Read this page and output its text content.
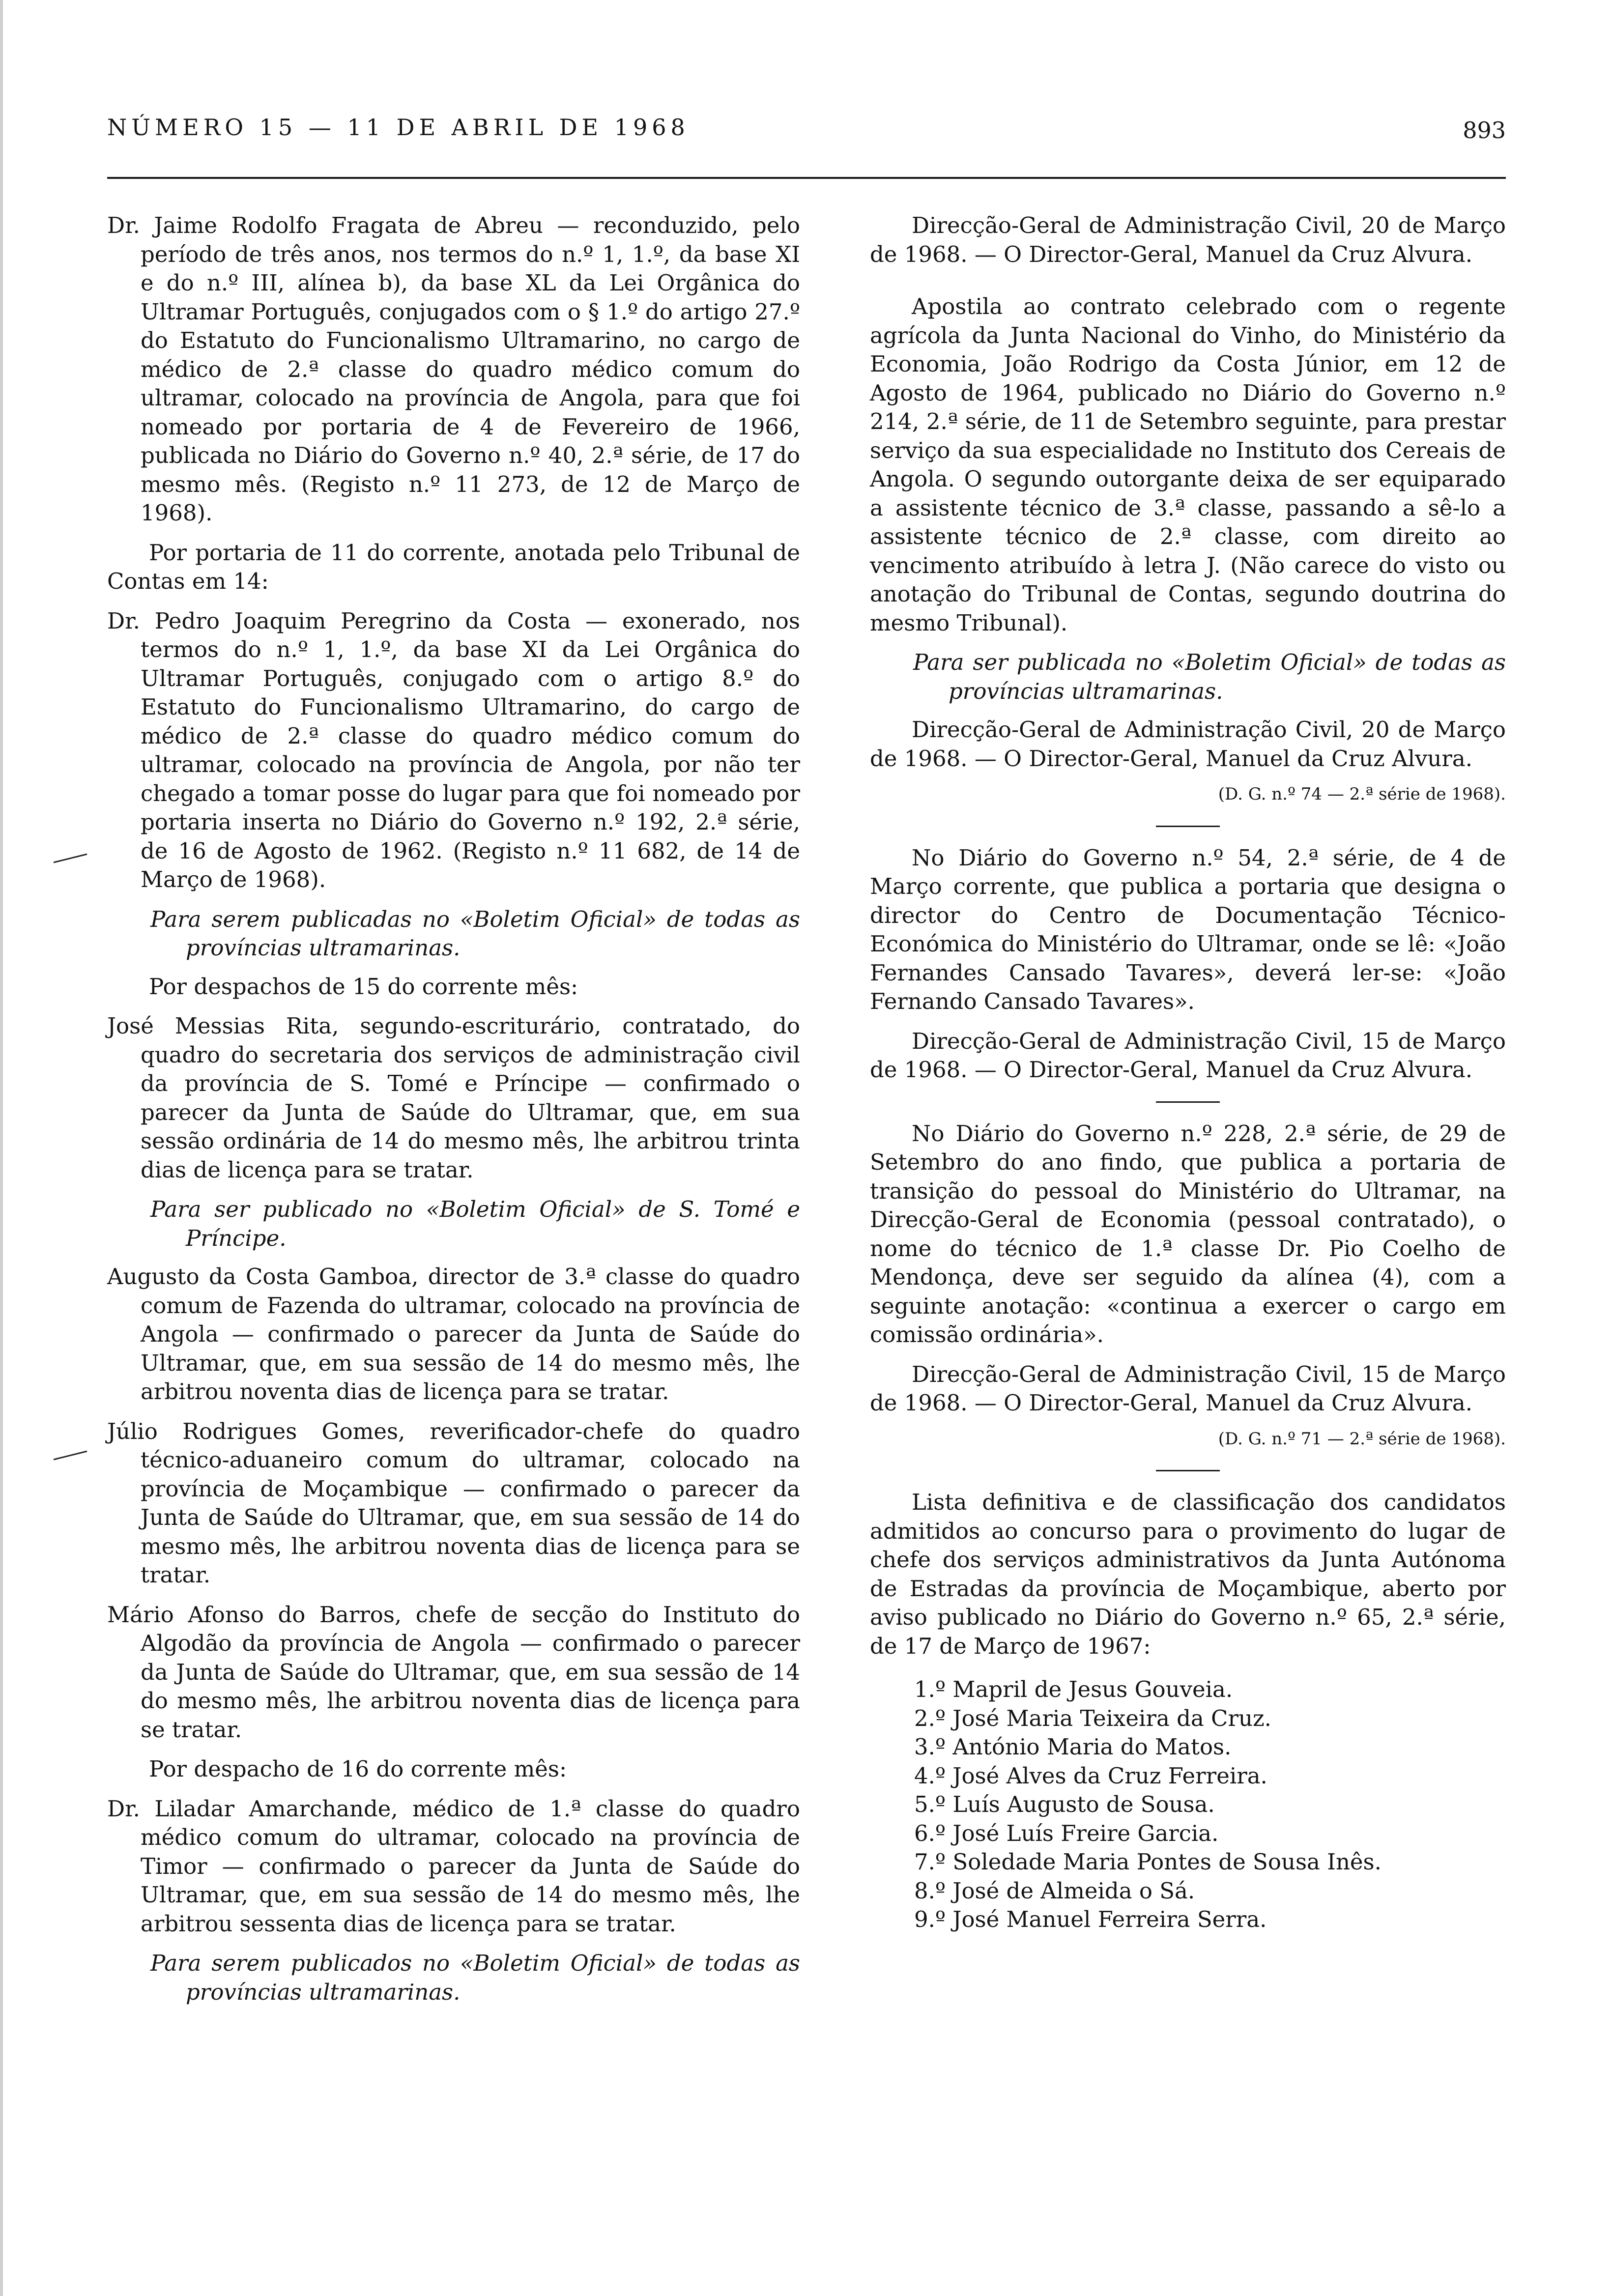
NÚMERO 15 — 11 DE ABRIL DE 1968	893

Dr. Jaime Rodolfo Fragata de Abreu — reconduzido, pelo período de três anos, nos termos do n.º 1, 1.º, da base XI e do n.º III, alínea b), da base XL da Lei Orgânica do Ultramar Português, conjugados com o § 1.º do artigo 27.º do Estatuto do Funcionalismo Ultramarino, no cargo de médico de 2.ª classe do quadro médico comum do ultramar, colocado na província de Angola, para que foi nomeado por portaria de 4 de Fevereiro de 1966, publicada no Diário do Governo n.º 40, 2.ª série, de 17 do mesmo mês. (Registo n.º 11 273, de 12 de Março de 1968).

Por portaria de 11 do corrente, anotada pelo Tribunal de Contas em 14:

Dr. Pedro Joaquim Peregrino da Costa — exonerado, nos termos do n.º 1, 1.º, da base XI da Lei Orgânica do Ultramar Português, conjugado com o artigo 8.º do Estatuto do Funcionalismo Ultramarino, do cargo de médico de 2.ª classe do quadro médico comum do ultramar, colocado na província de Angola, por não ter chegado a tomar posse do lugar para que foi nomeado por portaria inserta no Diário do Governo n.º 192, 2.ª série, de 16 de Agosto de 1962. (Registo n.º 11 682, de 14 de Março de 1968).

Para serem publicadas no «Boletim Oficial» de todas as províncias ultramarinas.

Por despachos de 15 do corrente mês:

José Messias Rita, segundo-escriturário, contratado, do quadro do secretaria dos serviços de administração civil da província de S. Tomé e Príncipe — confirmado o parecer da Junta de Saúde do Ultramar, que, em sua sessão ordinária de 14 do mesmo mês, lhe arbitrou trinta dias de licença para se tratar.

Para ser publicado no «Boletim Oficial» de S. Tomé e Príncipe.

Augusto da Costa Gamboa, director de 3.ª classe do quadro comum de Fazenda do ultramar, colocado na província de Angola — confirmado o parecer da Junta de Saúde do Ultramar, que, em sua sessão de 14 do mesmo mês, lhe arbitrou noventa dias de licença para se tratar.

Júlio Rodrigues Gomes, reverificador-chefe do quadro técnico-aduaneiro comum do ultramar, colocado na província de Moçambique — confirmado o parecer da Junta de Saúde do Ultramar, que, em sua sessão de 14 do mesmo mês, lhe arbitrou noventa dias de licença para se tratar.

Mário Afonso do Barros, chefe de secção do Instituto do Algodão da província de Angola — confirmado o parecer da Junta de Saúde do Ultramar, que, em sua sessão de 14 do mesmo mês, lhe arbitrou noventa dias de licença para se tratar.

Por despacho de 16 do corrente mês:

Dr. Liladar Amarchande, médico de 1.ª classe do quadro médico comum do ultramar, colocado na província de Timor — confirmado o parecer da Junta de Saúde do Ultramar, que, em sua sessão de 14 do mesmo mês, lhe arbitrou sessenta dias de licença para se tratar.

Para serem publicados no «Boletim Oficial» de todas as províncias ultramarinas.

Direcção-Geral de Administração Civil, 20 de Março de 1968. — O Director-Geral, Manuel da Cruz Alvura.

Apostila ao contrato celebrado com o regente agrícola da Junta Nacional do Vinho, do Ministério da Economia, João Rodrigo da Costa Júnior, em 12 de Agosto de 1964, publicado no Diário do Governo n.º 214, 2.ª série, de 11 de Setembro seguinte, para prestar serviço da sua especialidade no Instituto dos Cereais de Angola. O segundo outorgante deixa de ser equiparado a assistente técnico de 3.ª classe, passando a sê-lo a assistente técnico de 2.ª classe, com direito ao vencimento atribuído à letra J. (Não carece do visto ou anotação do Tribunal de Contas, segundo doutrina do mesmo Tribunal).

Para ser publicada no «Boletim Oficial» de todas as províncias ultramarinas.

Direcção-Geral de Administração Civil, 20 de Março de 1968. — O Director-Geral, Manuel da Cruz Alvura.

(D. G. n.º 74 — 2.ª série de 1968).

No Diário do Governo n.º 54, 2.ª série, de 4 de Março corrente, que publica a portaria que designa o director do Centro de Documentação Técnico-Económica do Ministério do Ultramar, onde se lê: «João Fernandes Cansado Tavares», deverá ler-se: «João Fernando Cansado Tavares».

Direcção-Geral de Administração Civil, 15 de Março de 1968. — O Director-Geral, Manuel da Cruz Alvura.

No Diário do Governo n.º 228, 2.ª série, de 29 de Setembro do ano findo, que publica a portaria de transição do pessoal do Ministério do Ultramar, na Direcção-Geral de Economia (pessoal contratado), o nome do técnico de 1.ª classe Dr. Pio Coelho de Mendonça, deve ser seguido da alínea (4), com a seguinte anotação: «continua a exercer o cargo em comissão ordinária».

Direcção-Geral de Administração Civil, 15 de Março de 1968. — O Director-Geral, Manuel da Cruz Alvura.

(D. G. n.º 71 — 2.ª série de 1968).

Lista definitiva e de classificação dos candidatos admitidos ao concurso para o provimento do lugar de chefe dos serviços administrativos da Junta Autónoma de Estradas da província de Moçambique, aberto por aviso publicado no Diário do Governo n.º 65, 2.ª série, de 17 de Março de 1967:

1.º Mapril de Jesus Gouveia.

2.º José Maria Teixeira da Cruz.

3.º António Maria do Matos.

4.º José Alves da Cruz Ferreira.

5.º Luís Augusto de Sousa.

6.º José Luís Freire Garcia.

7.º Soledade Maria Pontes de Sousa Inês.

8.º José de Almeida o Sá.

9.º José Manuel Ferreira Serra.
